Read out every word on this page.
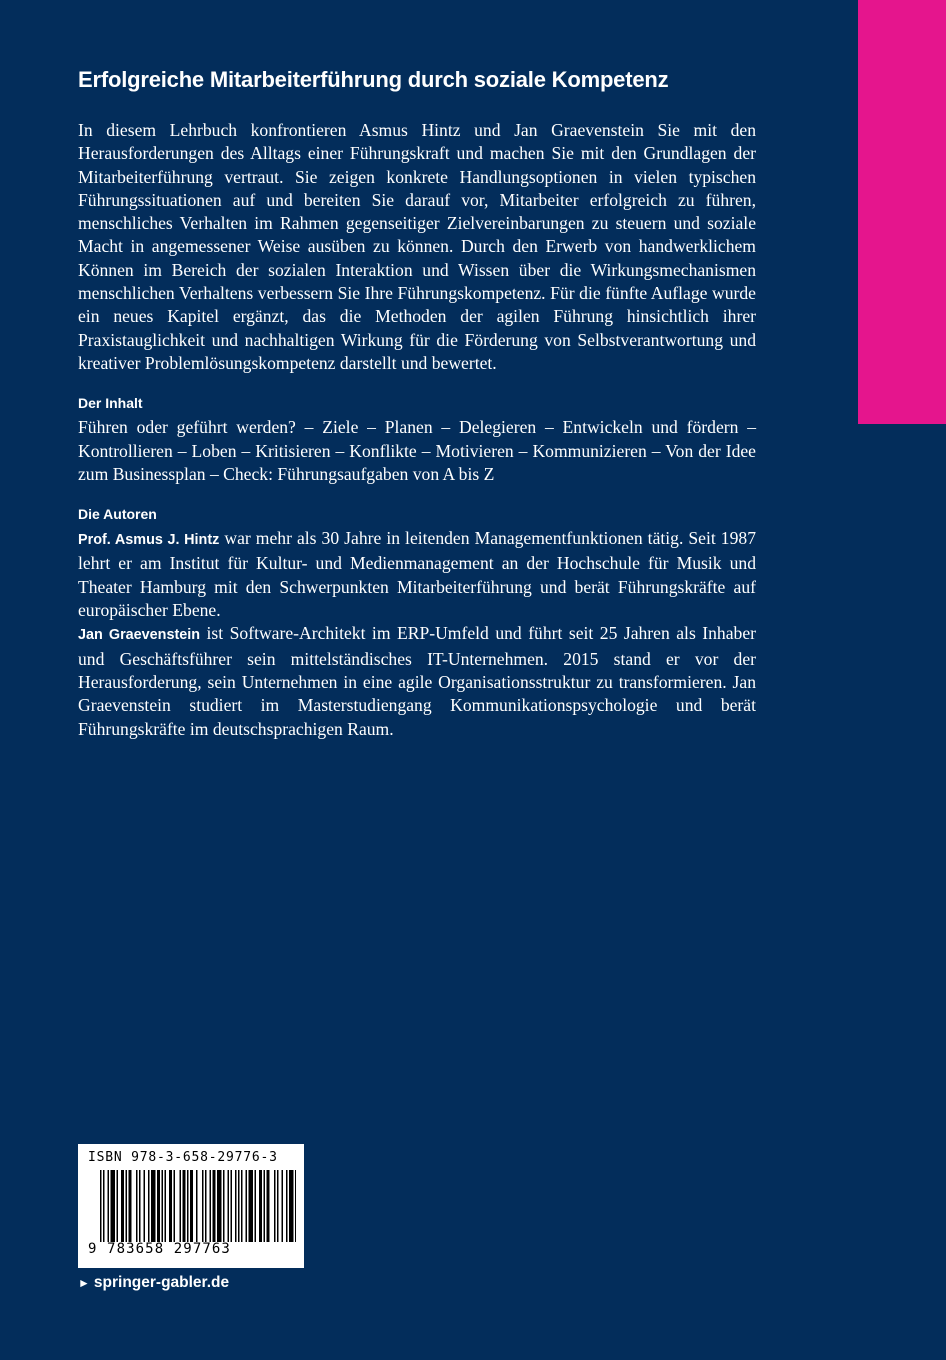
Erfolgreiche Mitarbeiterführung durch soziale Kompetenz

In diesem Lehrbuch konfrontieren Asmus Hintz und Jan Graevenstein Sie mit den Herausforderungen des Alltags einer Führungskraft und machen Sie mit den Grundlagen der Mitarbeiterführung vertraut. Sie zeigen konkrete Handlungsoptionen in vielen typischen Führungssituationen auf und bereiten Sie darauf vor, Mitarbeiter erfolgreich zu führen, menschliches Verhalten im Rahmen gegenseitiger Zielvereinbarungen zu steuern und soziale Macht in angemessener Weise ausüben zu können. Durch den Erwerb von handwerklichem Können im Bereich der sozialen Interaktion und Wissen über die Wirkungsmechanismen menschlichen Verhaltens verbessern Sie Ihre Führungskompetenz. Für die fünfte Auflage wurde ein neues Kapitel ergänzt, das die Methoden der agilen Führung hinsichtlich ihrer Praxistauglichkeit und nachhaltigen Wirkung für die Förderung von Selbstverantwortung und kreativer Problemlösungskompetenz darstellt und bewertet.

Der Inhalt

Führen oder geführt werden? – Ziele – Planen – Delegieren – Entwickeln und fördern – Kontrollieren – Loben – Kritisieren – Konflikte – Motivieren – Kommunizieren – Von der Idee zum Businessplan – Check: Führungsaufgaben von A bis Z

Die Autoren

Prof. Asmus J. Hintz war mehr als 30 Jahre in leitenden Managementfunktionen tätig. Seit 1987 lehrt er am Institut für Kultur- und Medienmanagement an der Hochschule für Musik und Theater Hamburg mit den Schwerpunkten Mitarbeiterführung und berät Führungskräfte auf europäischer Ebene.

Jan Graevenstein ist Software-Architekt im ERP-Umfeld und führt seit 25 Jahren als Inhaber und Geschäftsführer sein mittelständisches IT-Unternehmen. 2015 stand er vor der Herausforderung, sein Unternehmen in eine agile Organisationsstruktur zu transformieren. Jan Graevenstein studiert im Masterstudiengang Kommunikationspsychologie und berät Führungskräfte im deutschsprachigen Raum.

ISBN 978-3-658-29776-3
9 783658 297763
► springer-gabler.de
